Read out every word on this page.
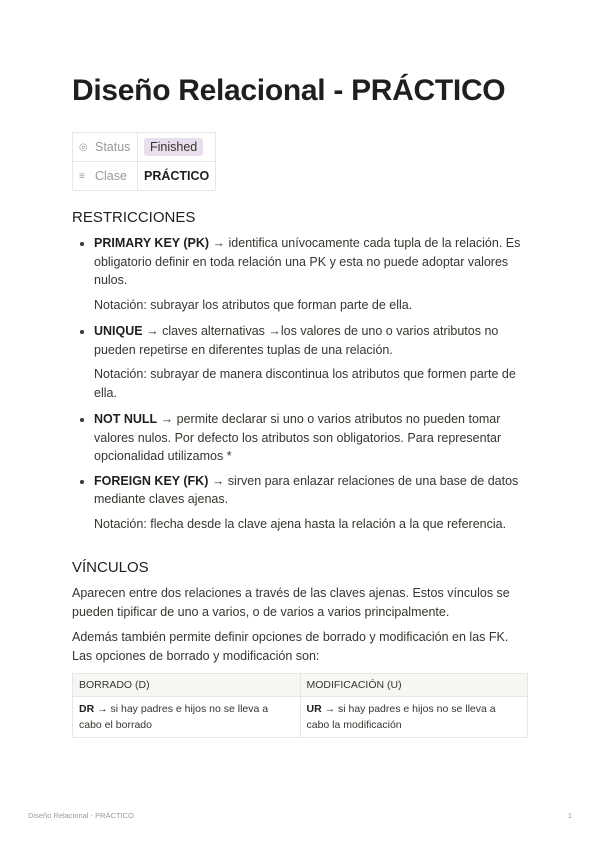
Diseño Relacional - PRÁCTICO
◎ Status	Finished
≡ Clase	PRÁCTICO
RESTRICCIONES
• PRIMARY KEY (PK) → identifica unívocamente cada tupla de la relación. Es obligatorio definir en toda relación una PK y esta no puede adoptar valores nulos.
Notación: subrayar los atributos que forman parte de ella.
• UNIQUE → claves alternativas →los valores de uno o varios atributos no pueden repetirse en diferentes tuplas de una relación.
Notación: subrayar de manera discontinua los atributos que formen parte de ella.
• NOT NULL → permite declarar si uno o varios atributos no pueden tomar valores nulos. Por defecto los atributos son obligatorios. Para representar opcionalidad utilizamos *
• FOREIGN KEY (FK) → sirven para enlazar relaciones de una base de datos mediante claves ajenas.
Notación: flecha desde la clave ajena hasta la relación a la que referencia.
VÍNCULOS

Aparecen entre dos relaciones a través de las claves ajenas. Estos vínculos se pueden tipificar de uno a varios, o de varios a varios principalmente.

Además también permite definir opciones de borrado y modificación en las FK. Las opciones de borrado y modificación son:

BORRADO (D)	MODIFICACIÓN (U)
DR → si hay padres e hijos no se lleva a cabo el borrado	UR → si hay padres e hijos no se lleva a cabo la modificación
Diseño Relacional - PRÁCTICO	1
